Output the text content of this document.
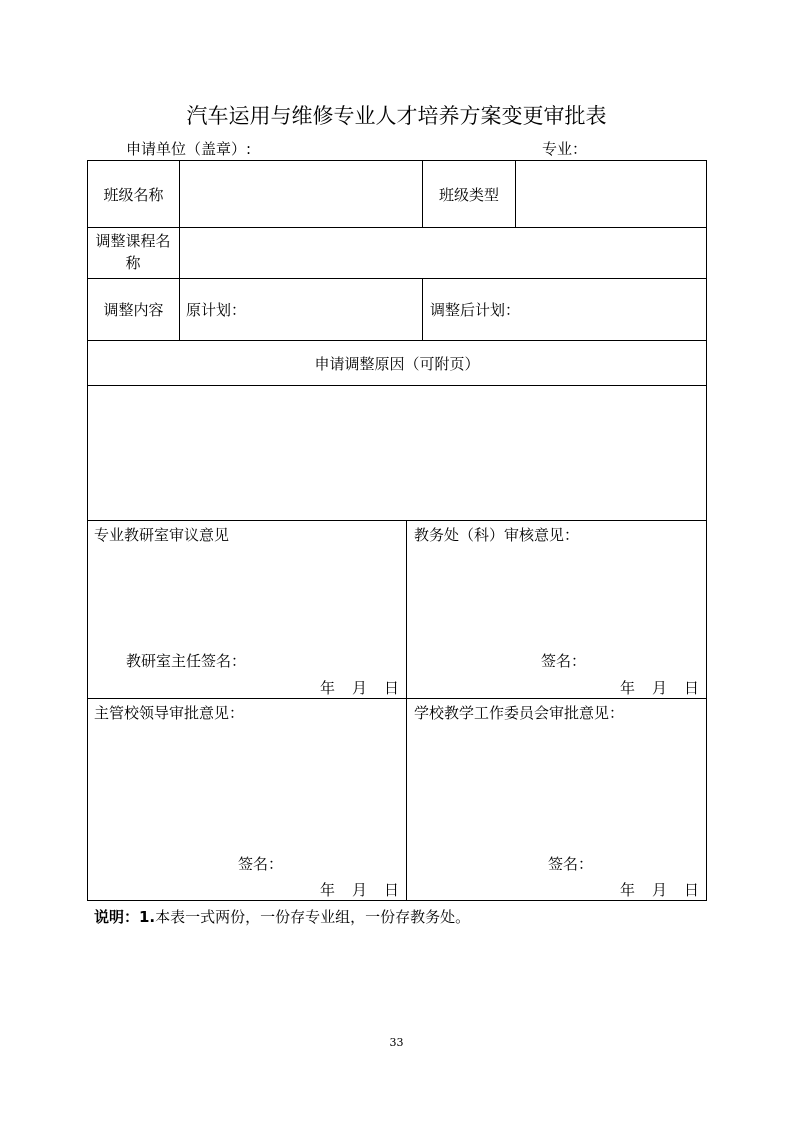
汽车运用与维修专业人才培养方案变更审批表
申请单位（盖章）:	专业：
班级名称	班级类型
调整课程名称
调整内容	原计划：	调整后计划：
申请调整原因（可附页）
专业教研室审议意见
教研室主任签名：
年 月 日
教务处（科）审核意见：
签名：
年 月 日
主管校领导审批意见：
签名：
年 月 日
学校教学工作委员会审批意见：
签名：
年 月 日
说明：1.本表一式两份，一份存专业组，一份存教务处。
33
